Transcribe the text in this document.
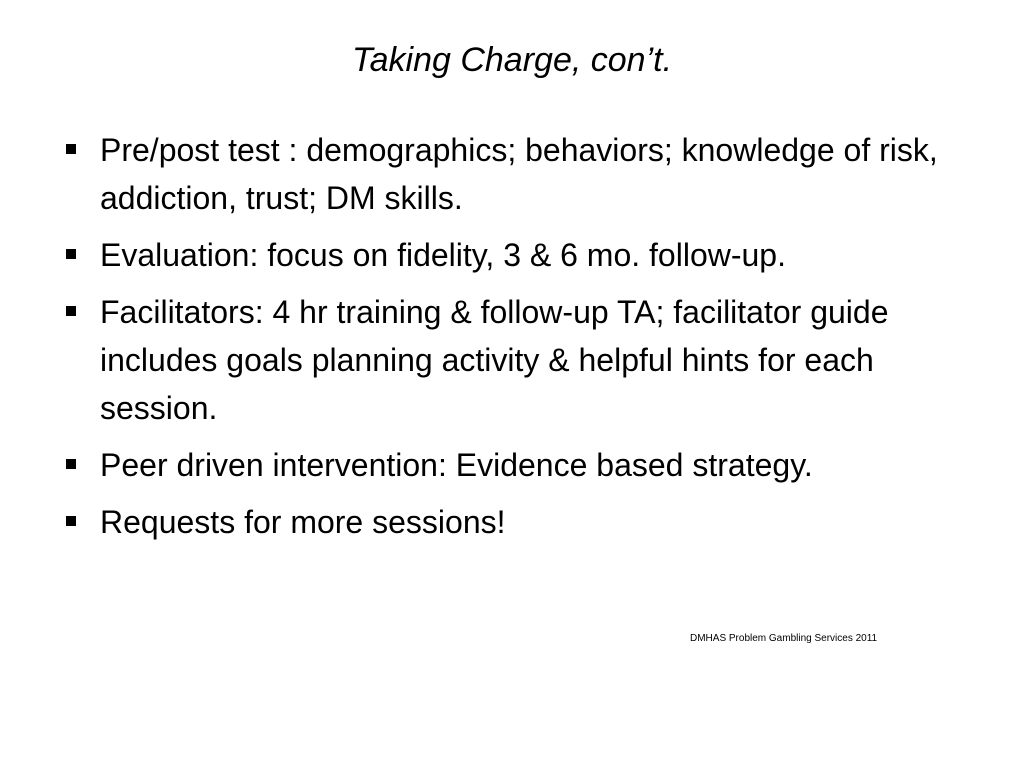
Taking Charge, con’t.
Pre/post test : demographics; behaviors; knowledge of risk, addiction, trust; DM skills.
Evaluation: focus on fidelity, 3 & 6 mo. follow-up.
Facilitators: 4 hr training & follow-up TA; facilitator guide includes goals planning activity & helpful hints for each session.
Peer driven intervention: Evidence based strategy.
Requests for more sessions!
DMHAS Problem Gambling Services 2011
